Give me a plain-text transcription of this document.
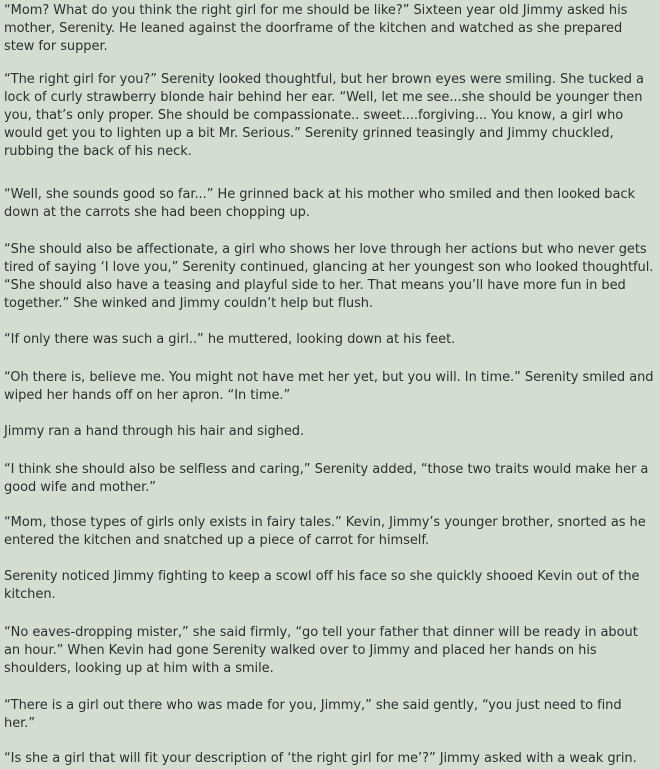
“Mom? What do you think the right girl for me should be like?” Sixteen year old Jimmy asked his mother, Serenity. He leaned against the doorframe of the kitchen and watched as she prepared stew for supper.

“The right girl for you?” Serenity looked thoughtful, but her brown eyes were smiling. She tucked a lock of curly strawberry blonde hair behind her ear. “Well, let me see...she should be younger then you, that’s only proper. She should be compassionate.. sweet....forgiving... You know, a girl who would get you to lighten up a bit Mr. Serious.” Serenity grinned teasingly and Jimmy chuckled, rubbing the back of his neck.

“Well, she sounds good so far...” He grinned back at his mother who smiled and then looked back down at the carrots she had been chopping up.

“She should also be affectionate, a girl who shows her love through her actions but who never gets tired of saying ‘I love you,” Serenity continued, glancing at her youngest son who looked thoughtful. “She should also have a teasing and playful side to her. That means you’ll have more fun in bed together.” She winked and Jimmy couldn’t help but flush.

“If only there was such a girl..” he muttered, looking down at his feet.

“Oh there is, believe me. You might not have met her yet, but you will. In time.” Serenity smiled and wiped her hands off on her apron. “In time.”

Jimmy ran a hand through his hair and sighed.

“I think she should also be selfless and caring,” Serenity added, “those two traits would make her a good wife and mother.”

“Mom, those types of girls only exists in fairy tales.” Kevin, Jimmy’s younger brother, snorted as he entered the kitchen and snatched up a piece of carrot for himself.

Serenity noticed Jimmy fighting to keep a scowl off his face so she quickly shooed Kevin out of the kitchen.

“No eaves-dropping mister,” she said firmly, “go tell your father that dinner will be ready in about an hour.” When Kevin had gone Serenity walked over to Jimmy and placed her hands on his shoulders, looking up at him with a smile.

“There is a girl out there who was made for you, Jimmy,” she said gently, “you just need to find her.”

“Is she a girl that will fit your description of ‘the right girl for me’?” Jimmy asked with a weak grin.
